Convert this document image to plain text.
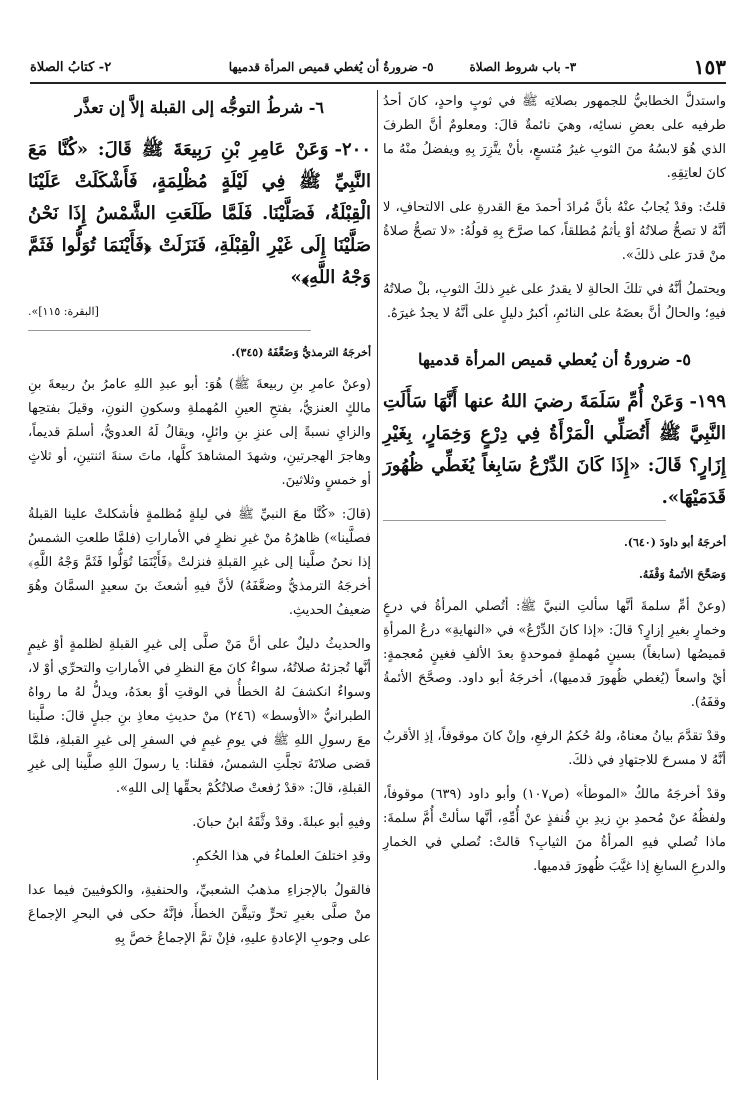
١٥٣
٣- باب شروط الصلاة
٥- ضرورةُ أن يُغطي قميص المرأة قدميها
٢- كتابُ الصلاة

واستدلَّ الخطابيُّ للجمهور بصلاتِه ﷺ في ثوبٍ واحدٍ، كانَ أحدُ طرفيه على بعضِ نسائِه، وهيَ نائمةٌ قالَ: ومعلومٌ أنَّ الطرفَ الذي هُوَ لابسُهُ منَ الثوبِ غيرُ مُتسعٍ، بأنْ يتَّزِرَ بِهِ ويفضلُ منْهُ ما كانَ لعاتِقِهِ.

قلتُ: وقدْ يُجابُ عنْهُ بأنَّ مُرادَ أحمدَ معَ القدرةِ على الالتحافِ، لا أنَّهُ لا تصحُّ صلاتُهُ أوْ يأثمُ مُطلقاً، كما صرَّحَ بِهِ قولُهُ: «لا تصحُّ صلاةُ منْ قدرَ على ذلكَ».

ويحتملُ أنَّهُ في تلكَ الحالةِ لا يقدرُ على غيرِ ذلكَ الثوبِ، بلْ صلاتُهُ فيهِ؛ والحالُ أنَّ بعضَهُ على النائمِ، أكبرُ دليلٍ على أنَّهُ لا يجدُ غيرَهُ.

٥- ضرورةُ أن يُعطي قميص المرأة قدميها
١٩٩-وَعَنْ أُمِّ سَلَمَةَ رضيَ اللهُ عنها أَنَّهَا سَأَلَتِ النَّبِيَّ ﷺ أَتُصَلِّي الْمَرْأَةُ فِي دِرْعٍ وَخِمَارٍ، بِغَيْرِ إِزَارٍ؟ قَالَ: «إِذَا كَانَ الدِّرْعُ سَابِغاً يُغَطِّي ظُهُورَ قَدَمَيْهَا».
أخرجَهُ أبو داودَ (٦٤٠).
وَصَحَّحَ الأئمةُ وَقْفَهُ.

(وعنْ أمِّ سلمةَ أنَّها سألتِ النبيَّ ﷺ: أتُصلي المرأةُ في درعٍ وخمارٍ بغيرِ إزارٍ؟ قالَ: «إذا كانَ الدِّرْعُ» في «النهايةِ» درعُ المرأةِ قميصُها (سابغاً) بسينٍ مُهملةٍ فموحدةٍ بعدَ الألفِ فغينٍ مُعجمةٍ: أيْ واسعاً (يُغطي ظُهورَ قدميها)، أخرجَهُ أبو داود. وصحَّحَ الأئمةُ وقفَهُ).

وقدْ تقدَّمَ بيانُ معناهُ، ولهُ حُكمُ الرفعِ، وإنْ كانَ موقوفاً، إذِ الأقربُ أنَّهُ لا مسرحَ للاجتهادِ في ذلكَ.

وقدْ أخرجَهُ مالكٌ «الموطأ» (ص١٠٧) وأبو داود (٦٣٩) موقوفاً، ولفظُهُ عنْ مُحمدِ بنِ زيدِ بنِ قُنفذٍ عنْ أُمِّهِ، أنَّها سألتْ أُمَّ سلمةَ: ماذا تُصلي فيهِ المرأةُ منَ الثيابِ؟ قالتْ: تُصلي في الخمارِ والدرعِ السابغِ إذا غيَّبَ ظُهورَ قدميها.

٦- شرطُ التوجُّه إلى القبلة إلاَّ إن تعذَّر
٢٠٠-وَعَنْ عَامِرِ بْنِ رَبِيعَةَ ﷺ قَالَ: «كُنَّا مَعَ النَّبِيِّ ﷺ فِي لَيْلَةٍ مُظْلِمَةٍ، فَأَشْكَلَتْ عَلَيْنَا الْقِبْلَةُ، فَصَلَّيْنَا. فَلَمَّا طَلَعَتِ الشَّمْسُ إِذَا نَحْنُ صَلَّيْنَا إِلَى غَيْرِ الْقِبْلَةِ، فَنَزَلَتْ ﴿فَأَيْنَمَا تُوَلُّوا فَثَمَّ وَجْهُ اللَّهِ﴾»
[البقرة: ١١٥]».
أخرجَهُ الترمذيُّ وَضَعَّفَهُ (٣٤٥).

(وعنْ عامرِ بنِ ربيعةَ ﷺ) هُوَ: أبو عبدِ اللهِ عامرُ بنُ ربيعةَ بنِ مالكٍ العنزيُّ، بفتحِ العينِ المُهملةِ وسكونِ النونِ، وقيلَ بفتحِها والزايِ نسبةً إلى عنزِ بنِ وائلٍ، ويقالُ لَهُ العدويُّ، أسلمَ قديماً، وهاجرَ الهجرتينِ، وشهدَ المشاهدَ كلَّها، ماتَ سنةَ اثنتينِ، أو ثلاثٍ أو خمسٍ وثلاثينَ.

(قالَ: «كُنَّا معَ النبيِّ ﷺ في ليلةٍ مُظلمةٍ فأشكلتْ علينا القبلةُ فصلَّينا») ظاهرُهُ منْ غيرِ نظرٍ في الأماراتِ (فلمَّا طلعتِ الشمسُ إذا نحنُ صلَّينا إلى غيرِ القبلةِ فنزلتْ ﴿فَأَيْنَمَا تُوَلُّوا فَثَمَّ وَجْهُ اللَّهِ﴾ أخرجَهُ الترمذيُّ وضعَّفَهُ) لأنَّ فيهِ أشعثَ بنَ سعيدٍ السمَّانَ وهُوَ ضعيفُ الحديثِ.

والحديثُ دليلٌ على أنَّ مَنْ صلَّى إلى غيرِ القبلةِ لظلمةٍ أوْ غيمٍ أنَّها تُجزئهُ صلاتُهُ، سواءٌ كانَ معَ النظرِ في الأماراتِ والتحرِّي أوْ لا، وسواءٌ انكشفَ لهُ الخطأُ في الوقتِ أوْ بعدَهُ، ويدلُّ لهُ ما رواهُ الطبرانيُّ «الأوسط» (٢٤٦) منْ حديثِ معاذِ بنِ جبلٍ قالَ: صلَّينا معَ رسولِ اللهِ ﷺ في يومِ غيمٍ في السفرِ إلى غيرِ القبلةِ، فلمَّا قضى صلاتَهُ تجلَّتِ الشمسُ، فقلنا: يا رسولَ اللهِ صلَّينا إلى غيرِ القبلةِ، قالَ: «قدْ رُفعتْ صلاتُكُمْ بحقِّها إلى اللهِ».

وفيهِ أبو عبلةَ. وقدْ وثَّقَهُ ابنُ حبانَ.

وقدِ اختلفَ العلماءُ في هذا الحُكمِ.

فالقولُ بالإجزاءِ مذهبُ الشعبيِّ، والحنفيةِ، والكوفيينَ فيما عدا منْ صلَّى بغيرِ تحرٍّ وتيقَّنَ الخطأَ، فإنَّهُ حكى في البحرِ الإجماعَ على وجوبِ الإعادةِ عليهِ، فإنْ تمَّ الإجماعُ خصَّ بِهِ
